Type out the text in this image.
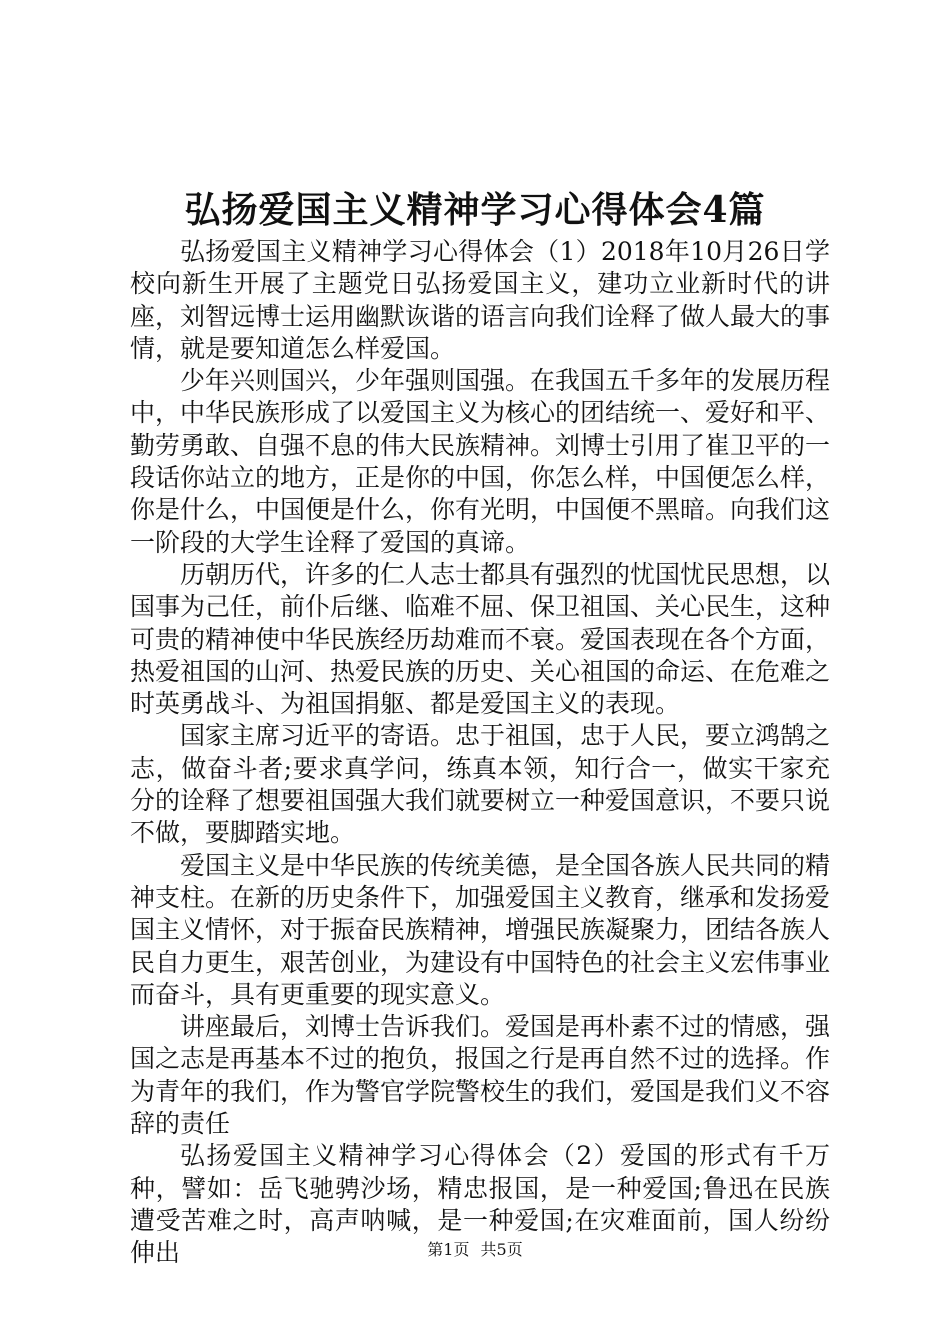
弘扬爱国主义精神学习心得体会4篇

弘扬爱国主义精神学习心得体会（1）2018年10月26日学校向新生开展了主题党日弘扬爱国主义，建功立业新时代的讲座，刘智远博士运用幽默诙谐的语言向我们诠释了做人最大的事情，就是要知道怎么样爱国。

少年兴则国兴，少年强则国强。在我国五千多年的发展历程中，中华民族形成了以爱国主义为核心的团结统一、爱好和平、勤劳勇敢、自强不息的伟大民族精神。刘博士引用了崔卫平的一段话你站立的地方，正是你的中国，你怎么样，中国便怎么样，你是什么，中国便是什么，你有光明，中国便不黑暗。向我们这一阶段的大学生诠释了爱国的真谛。

历朝历代，许多的仁人志士都具有强烈的忧国忧民思想，以国事为己任，前仆后继、临难不屈、保卫祖国、关心民生，这种可贵的精神使中华民族经历劫难而不衰。爱国表现在各个方面，热爱祖国的山河、热爱民族的历史、关心祖国的命运、在危难之时英勇战斗、为祖国捐躯、都是爱国主义的表现。

国家主席习近平的寄语。忠于祖国，忠于人民，要立鸿鹄之志，做奋斗者;要求真学问，练真本领，知行合一，做实干家充分的诠释了想要祖国强大我们就要树立一种爱国意识，不要只说不做，要脚踏实地。

爱国主义是中华民族的传统美德，是全国各族人民共同的精神支柱。在新的历史条件下，加强爱国主义教育，继承和发扬爱国主义情怀，对于振奋民族精神，增强民族凝聚力，团结各族人民自力更生，艰苦创业，为建设有中国特色的社会主义宏伟事业而奋斗，具有更重要的现实意义。

讲座最后，刘博士告诉我们。爱国是再朴素不过的情感，强国之志是再基本不过的抱负，报国之行是再自然不过的选择。作为青年的我们，作为警官学院警校生的我们，爱国是我们义不容辞的责任

弘扬爱国主义精神学习心得体会（2）爱国的形式有千万种，譬如：岳飞驰骋沙场，精忠报国，是一种爱国;鲁迅在民族遭受苦难之时，高声呐喊，是一种爱国;在灾难面前，国人纷纷伸出	第1页 共5页
